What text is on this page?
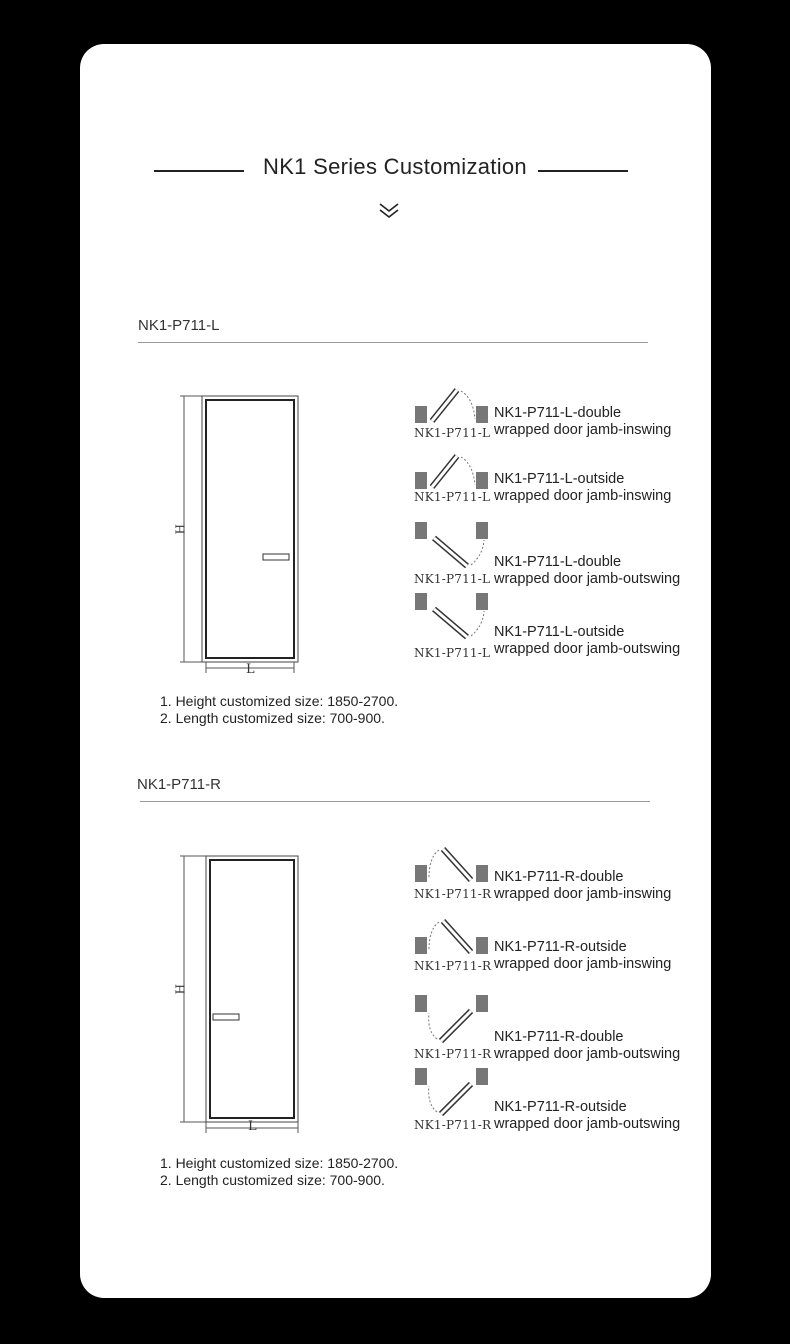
NK1 Series Customization
NK1-P711-L
H
L
NK1-P711-L
NK1-P711-L-double
wrapped door jamb-inswing
NK1-P711-L
NK1-P711-L-outside
wrapped door jamb-inswing
NK1-P711-L
NK1-P711-L-double
wrapped door jamb-outswing
NK1-P711-L
NK1-P711-L-outside
wrapped door jamb-outswing
1. Height customized size: 1850-2700.
2. Length customized size: 700-900.
NK1-P711-R
H
L
NK1-P711-R
NK1-P711-R-double
wrapped door jamb-inswing
NK1-P711-R
NK1-P711-R-outside
wrapped door jamb-inswing
NK1-P711-R
NK1-P711-R-double
wrapped door jamb-outswing
NK1-P711-R
NK1-P711-R-outside
wrapped door jamb-outswing
1. Height customized size: 1850-2700.
2. Length customized size: 700-900.
